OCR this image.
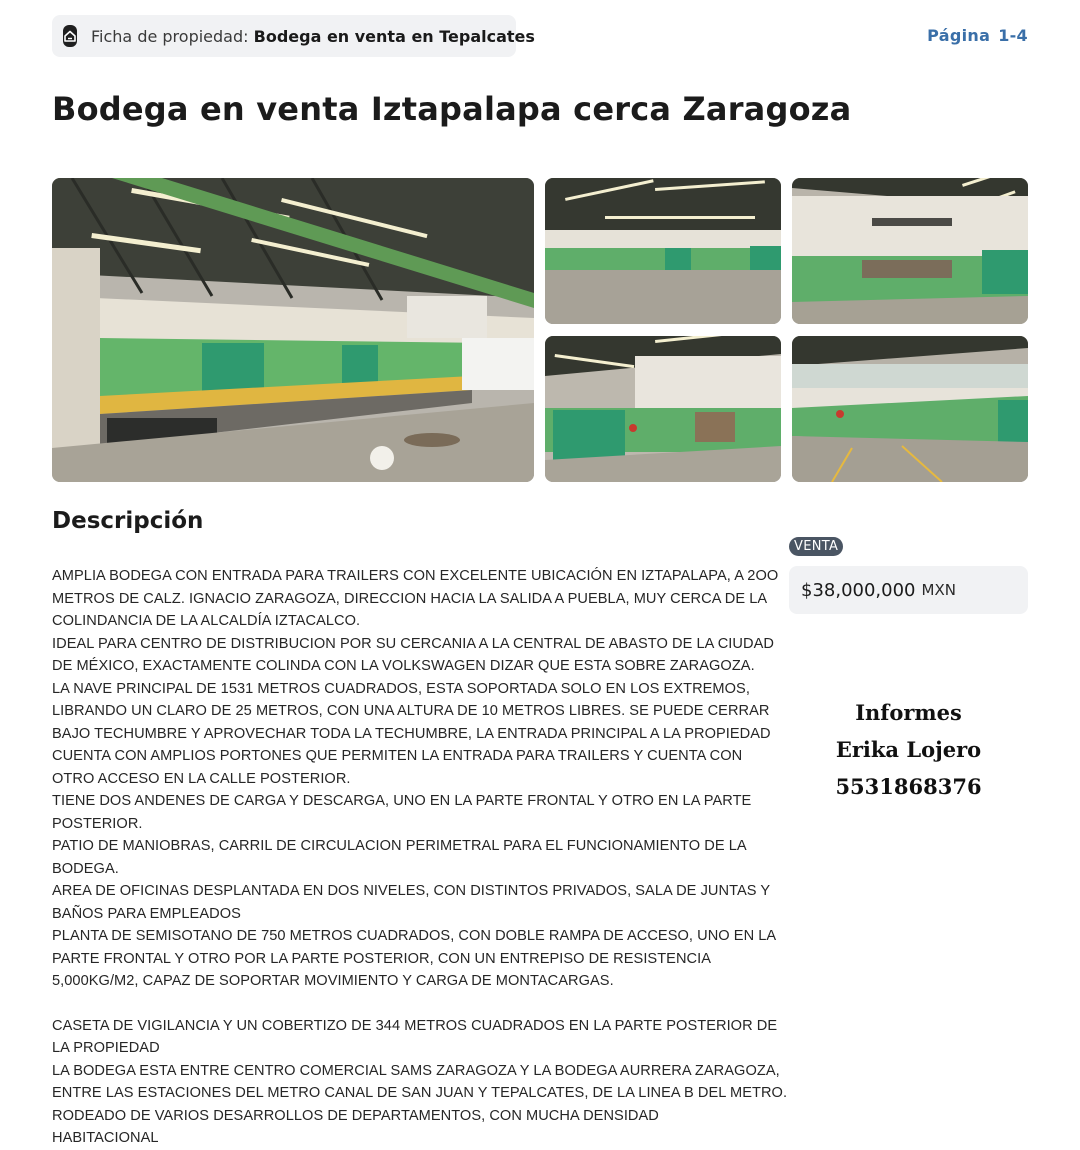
Ficha de propiedad: Bodega en venta en Tepalcates	Página 1-4
Bodega en venta Iztapalapa cerca Zaragoza
Descripción

AMPLIA BODEGA CON ENTRADA PARA TRAILERS CON EXCELENTE UBICACIÓN EN IZTAPALAPA, A 2OO

METROS DE CALZ. IGNACIO ZARAGOZA, DIRECCION HACIA LA SALIDA A PUEBLA, MUY CERCA DE LA

COLINDANCIA DE LA ALCALDÍA IZTACALCO.

IDEAL PARA CENTRO DE DISTRIBUCION POR SU CERCANIA A LA CENTRAL DE ABASTO DE LA CIUDAD

DE MÉXICO, EXACTAMENTE COLINDA CON LA VOLKSWAGEN DIZAR QUE ESTA SOBRE ZARAGOZA.

LA NAVE PRINCIPAL DE 1531 METROS CUADRADOS, ESTA SOPORTADA SOLO EN LOS EXTREMOS,

LIBRANDO UN CLARO DE 25 METROS, CON UNA ALTURA DE 10 METROS LIBRES. SE PUEDE CERRAR

BAJO TECHUMBRE Y APROVECHAR TODA LA TECHUMBRE, LA ENTRADA PRINCIPAL A LA PROPIEDAD

CUENTA CON AMPLIOS PORTONES QUE PERMITEN LA ENTRADA PARA TRAILERS Y CUENTA CON

OTRO ACCESO EN LA CALLE POSTERIOR.

TIENE DOS ANDENES DE CARGA Y DESCARGA, UNO EN LA PARTE FRONTAL Y OTRO EN LA PARTE

POSTERIOR.

PATIO DE MANIOBRAS, CARRIL DE CIRCULACION PERIMETRAL PARA EL FUNCIONAMIENTO DE LA

BODEGA.

AREA DE OFICINAS DESPLANTADA EN DOS NIVELES, CON DISTINTOS PRIVADOS, SALA DE JUNTAS Y

BAÑOS PARA EMPLEADOS

PLANTA DE SEMISOTANO DE 750 METROS CUADRADOS, CON DOBLE RAMPA DE ACCESO, UNO EN LA

PARTE FRONTAL Y OTRO POR LA PARTE POSTERIOR, CON UN ENTREPISO DE RESISTENCIA

5,000KG/M2, CAPAZ DE SOPORTAR MOVIMIENTO Y CARGA DE MONTACARGAS.

CASETA DE VIGILANCIA Y UN COBERTIZO DE 344 METROS CUADRADOS EN LA PARTE POSTERIOR DE

LA PROPIEDAD

LA BODEGA ESTA ENTRE CENTRO COMERCIAL SAMS ZARAGOZA Y LA BODEGA AURRERA ZARAGOZA,

ENTRE LAS ESTACIONES DEL METRO CANAL DE SAN JUAN Y TEPALCATES, DE LA LINEA B DEL METRO.

RODEADO DE VARIOS DESARROLLOS DE DEPARTAMENTOS, CON MUCHA DENSIDAD

HABITACIONAL

VENTA
$38,000,000 MXN
Informes
Erika Lojero
5531868376
